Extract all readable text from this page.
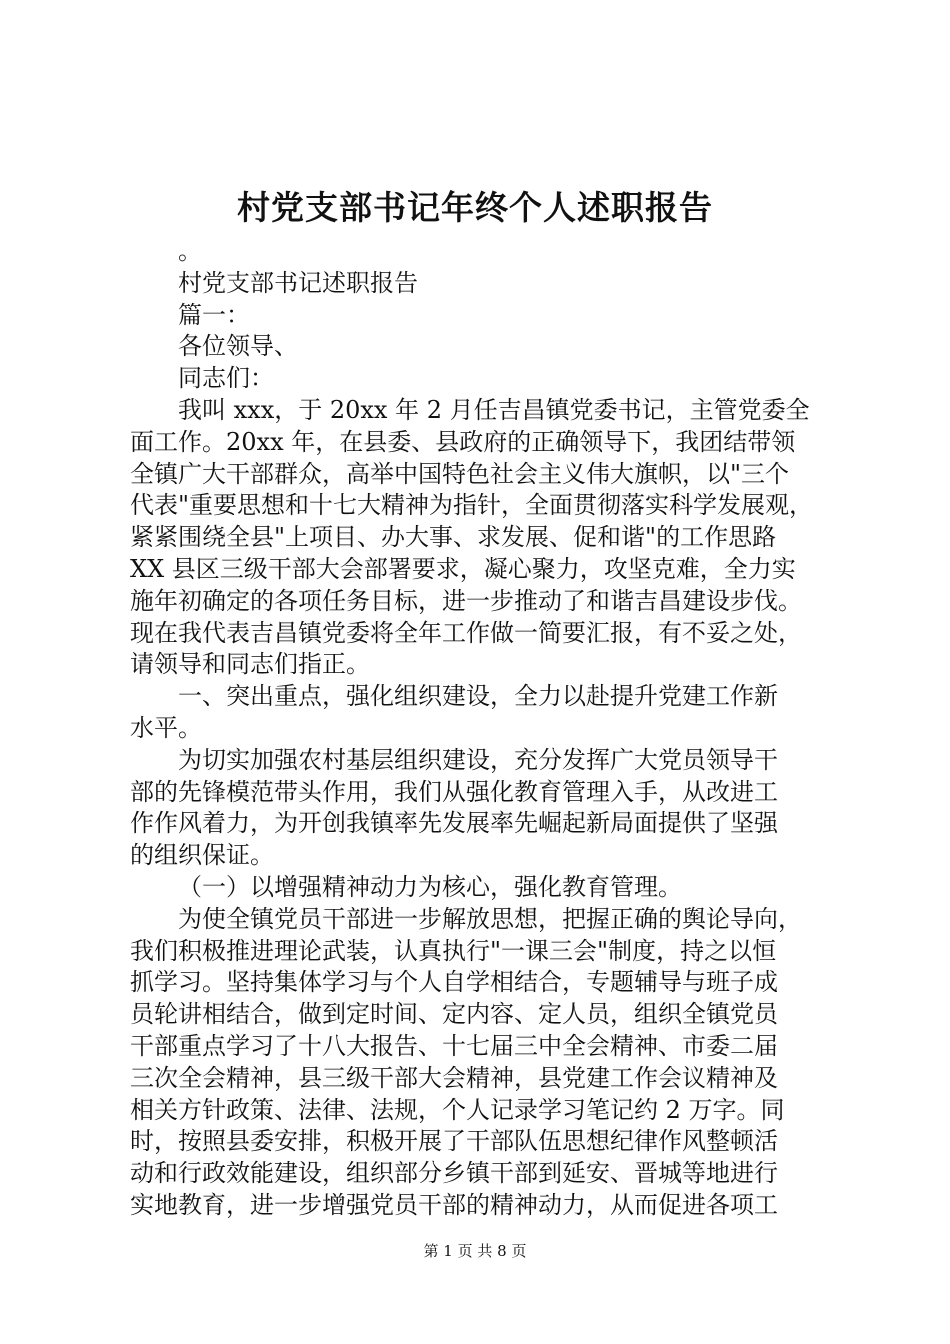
村党支部书记年终个人述职报告

。

村党支部书记述职报告

篇一：

各位领导、

同志们：

我叫 xxx，于 20xx 年 2 月任吉昌镇党委书记，主管党委全

面工作。20xx 年，在县委、县政府的正确领导下，我团结带领

全镇广大干部群众，高举中国特色社会主义伟大旗帜，以"三个

代表"重要思想和十七大精神为指针，全面贯彻落实科学发展观，

紧紧围绕全县"上项目、办大事、求发展、促和谐"的工作思路

XX 县区三级干部大会部署要求，凝心聚力，攻坚克难，全力实

施年初确定的各项任务目标，进一步推动了和谐吉昌建设步伐。

现在我代表吉昌镇党委将全年工作做一简要汇报，有不妥之处，

请领导和同志们指正。

一、突出重点，强化组织建设，全力以赴提升党建工作新

水平。

为切实加强农村基层组织建设，充分发挥广大党员领导干

部的先锋模范带头作用，我们从强化教育管理入手，从改进工

作作风着力，为开创我镇率先发展率先崛起新局面提供了坚强

的组织保证。

（一）以增强精神动力为核心，强化教育管理。

为使全镇党员干部进一步解放思想，把握正确的舆论导向，

我们积极推进理论武装，认真执行"一课三会"制度，持之以恒

抓学习。坚持集体学习与个人自学相结合，专题辅导与班子成

员轮讲相结合，做到定时间、定内容、定人员，组织全镇党员

干部重点学习了十八大报告、十七届三中全会精神、市委二届

三次全会精神，县三级干部大会精神，县党建工作会议精神及

相关方针政策、法律、法规，个人记录学习笔记约 2 万字。同

时，按照县委安排，积极开展了干部队伍思想纪律作风整顿活

动和行政效能建设，组织部分乡镇干部到延安、晋城等地进行

实地教育，进一步增强党员干部的精神动力，从而促进各项工

第 1 页 共 8 页
